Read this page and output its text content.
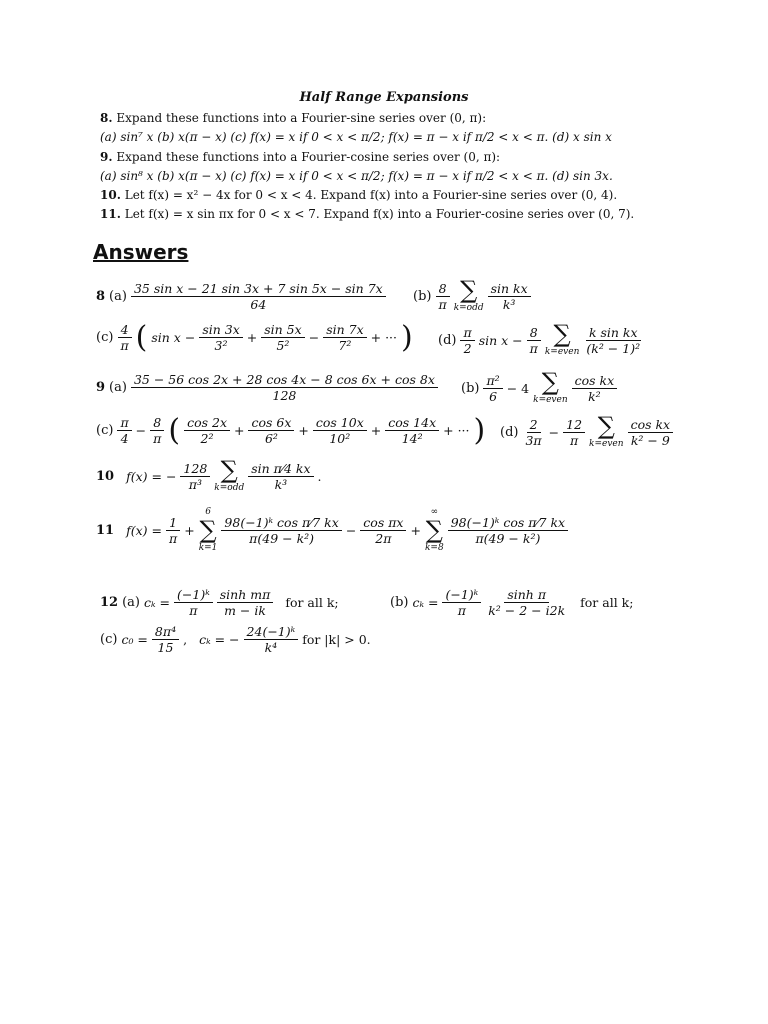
Half Range Expansions
8. Expand these functions into a Fourier-sine series over (0, π):
(a) sin⁷ x (b) x(π − x) (c) f(x) = x if 0 < x < π/2; f(x) = π − x if π/2 < x < π. (d) x sin x
9. Expand these functions into a Fourier-cosine series over (0, π):
(a) sin⁸ x (b) x(π − x) (c) f(x) = x if 0 < x < π/2; f(x) = π − x if π/2 < x < π. (d) sin 3x.
10. Let f(x) = x² − 4x for 0 < x < 4. Expand f(x) into a Fourier-sine series over (0, 4).
11. Let f(x) = x sin πx for 0 < x < 7. Expand f(x) into a Fourier-cosine series over (0, 7).
Answers
8 $(a) \frac{\text{35 sin x − 21 sin 3x + 7 sin 5x − sin 7x}}{64} (b) \frac{8}{\pi}$ ∑
$k=odd \frac{\text{sin kx}}{\text{k³}}$
$(c) \frac{4}{\pi}$ ( $\sin x - \frac{\sin 3x}{\text{3²}} + \frac{\sin 5x}{\text{5²}} - \frac{\sin 7x}{\text{7²}}$ + ··· ) $(d) \frac{\pi}{2}$ $\sin x - \frac{8}{\pi}$ ∑
k=even $\frac{\text{k sin kx}}{\text{(k² − 1)²}}$
9 $(a) \frac{35 - 56 \cos 2x + 28 \cos 4x - 8 \cos 6x + \cos 8x}{128} (b) \frac{\text{π²}}{6} - 4$ ∑
k=even $\frac{\text{cos kx}}{\text{k²}}$
$(c) \frac{\pi}{4} - \frac{8}{\pi}$ ( $\frac{\cos 2x}{\text{2²}} + \frac{\cos 6x}{\text{6²}} + \frac{\cos 10x}{\text{10²}} + \frac{\cos 14x}{\text{14²}}$ + ··· ) $(d) \frac{2}{3\pi} - \frac{12}{\pi}$ ∑
k=even $\frac{\text{cos kx}}{\text{k² − 9}}$
10 f(x) = − $\frac{128}{\text{π³}}$ ∑
$k=odd \frac{\text{sin π⁄4 kx}}{\text{k³}}$ .
11 $f(x) = \frac{1}{\pi}$ +
6
∑
k=1
$\frac{\text{98(−1)ᵏ cos π⁄7 kx}}{\text{π(49 − k²)}} - \frac{\text{cos πx}}{2\pi}$ +
∞
∑
k=8
$\frac{\text{98(−1)ᵏ cos π⁄7 kx}}{\text{π(49 − k²)}}$
12 (a) $c_k = \frac{\text{(−1)ᵏ}}{\pi} \frac{\text{sinh mπ}}{m - ik}$ for all k;	(b) $c_k = \frac{\text{(−1)ᵏ}}{\pi} \frac{\text{sinh π}}{\text{k² − 2 − i2k}}$ for all k;
(c) $c_0 = \frac{\text{8π⁴}}{15}$ , cₖ = − $\frac{\text{24(−1)ᵏ}}{\text{k⁴}}$ for |k| > 0.
